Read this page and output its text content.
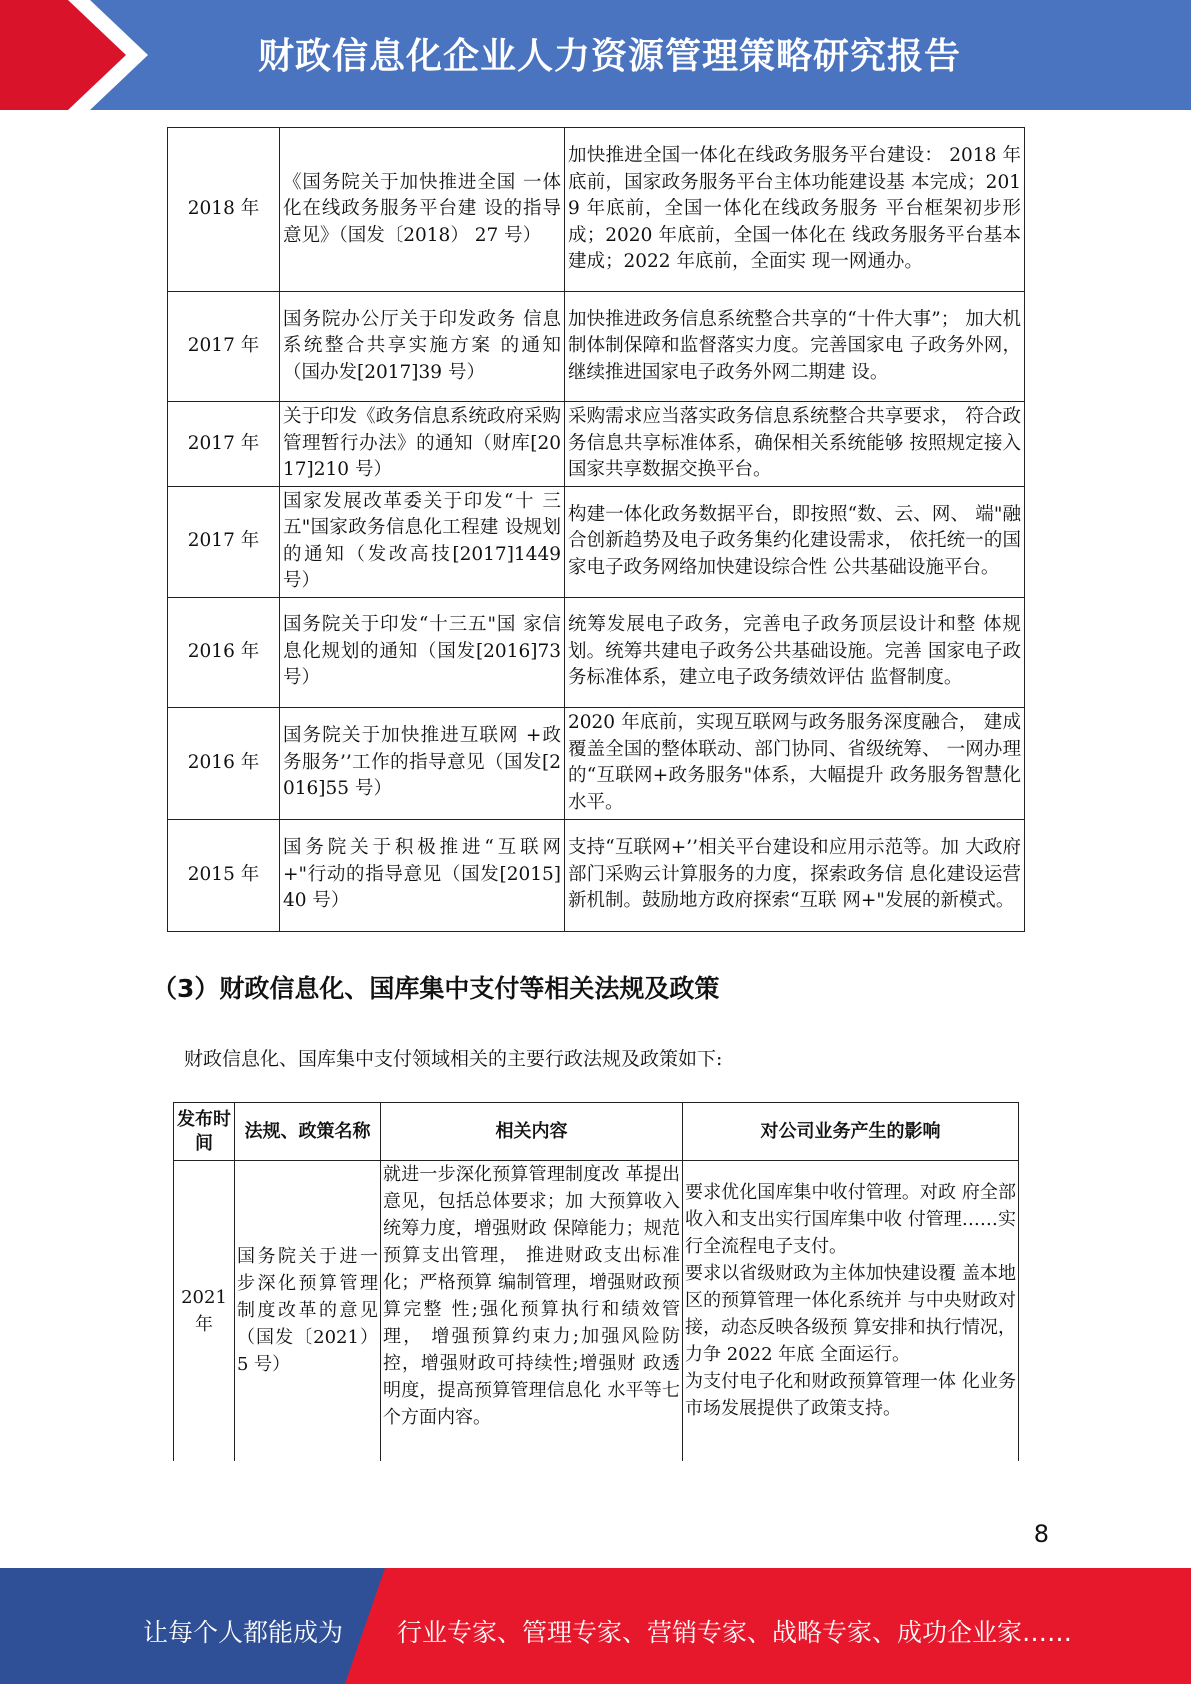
财政信息化企业人力资源管理策略研究报告
2018 年	《国务院关于加快推进全国 一体化在线政务服务平台建 设的指导意见》（国发〔2018） 27 号）	加快推进全国一体化在线政务服务平台建设： 2018 年底前，国家政务服务平台主体功能建设基 本完成；2019 年底前，全国一体化在线政务服务 平台框架初步形成；2020 年底前，全国一体化在 线政务服务平台基本建成；2022 年底前，全面实 现一网通办。
2017 年	国务院办公厅关于印发政务 信息系统整合共享实施方案 的通知（国办发[2017]39 号）	加快推进政务信息系统整合共享的“十件大事”； 加大机制体制保障和监督落实力度。完善国家电 子政务外网，继续推进国家电子政务外网二期建 设。
2017 年	关于印发《政务信息系统政府采购管理暂行办法》的通知（财库[2017]210 号）	采购需求应当落实政务信息系统整合共享要求， 符合政务信息共享标准体系，确保相关系统能够 按照规定接入国家共享数据交换平台。
2017 年	国家发展改革委关于印发“十 三五"国家政务信息化工程建 设规划的通知（发改高技[2017]1449 号）	构建一体化政务数据平台，即按照“数、云、网、 端"融合创新趋势及电子政务集约化建设需求， 依托统一的国家电子政务网络加快建设综合性 公共基础设施平台。
2016 年	国务院关于印发“十三五"国 家信息化规划的通知（国发[2016]73 号）	统筹发展电子政务，完善电子政务顶层设计和整 体规划。统筹共建电子政务公共基础设施。完善 国家电子政务标准体系，建立电子政务绩效评估 监督制度。
2016 年	国务院关于加快推进互联网 +政务服务’’工作的指导意见（国发[2016]55 号）	2020 年底前，实现互联网与政务服务深度融合， 建成覆盖全国的整体联动、部门协同、省级统筹、 一网办理的“互联网+政务服务"体系，大幅提升 政务服务智慧化水平。
2015 年	国务院关于积极推进“互联网 +"行动的指导意见（国发[2015]40 号）	支持“互联网+’’相关平台建设和应用示范等。加 大政府部门采购云计算服务的力度，探索政务信 息化建设运营新机制。鼓励地方政府探索“互联 网+"发展的新模式。
（3）财政信息化、国库集中支付等相关法规及政策
财政信息化、国库集中支付领域相关的主要行政法规及政策如下:
发布时间	法规、政策名称	相关内容	对公司业务产生的影响
2021 年	国务院关于进一步深化预算管理制度改革的意见（国发〔2021） 5 号）	就进一步深化预算管理制度改 革提出意见，包括总体要求；加 大预算收入统筹力度，增强财政 保障能力；规范预算支出管理， 推进财政支出标准化；严格预算 编制管理，增强财政预算完整 性;强化预算执行和绩效管理， 增强预算约束力;加强风险防 控，增强财政可持续性;增强财 政透明度，提高预算管理信息化 水平等七个方面内容。	要求优化国库集中收付管理。对政 府全部收入和支出实行国库集中收 付管理……实行全流程电子支付。
要求以省级财政为主体加快建设覆 盖本地区的预算管理一体化系统并 与中央财政对接，动态反映各级预 算安排和执行情况，力争 2022 年底 全面运行。
为支付电子化和财政预算管理一体 化业务市场发展提供了政策支持。
8
让每个人都能成为 行业专家、管理专家、营销专家、战略专家、成功企业家……
